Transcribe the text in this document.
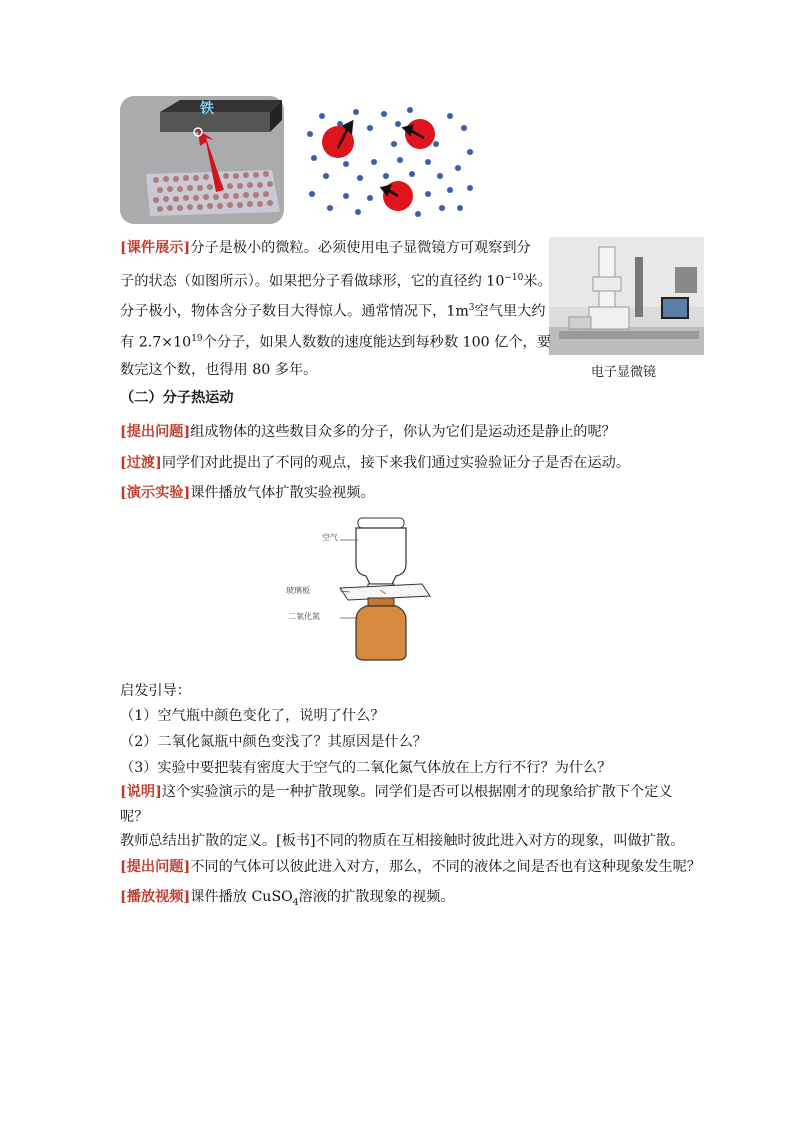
铁
电子显微镜
[课件展示]分子是极小的微粒。必须使用电子显微镜方可观察到分
子的状态（如图所示）。如果把分子看做球形，它的直径约 $10^{-10}$米。
分子极小，物体含分子数目大得惊人。通常情况下，$1m^3$空气里大约
有 $2.7\times 10^{19}$个分子，如果人数数的速度能达到每秒数 100 亿个，要
数完这个数，也得用 80 多年。
（二）分子热运动
[提出问题]组成物体的这些数目众多的分子，你认为它们是运动还是静止的呢？
[过渡]同学们对此提出了不同的观点，接下来我们通过实验验证分子是否在运动。
[演示实验]课件播放气体扩散实验视频。
空气
玻璃板
二氧化氮
启发引导：
（1）空气瓶中颜色变化了，说明了什么？
（2）二氧化氮瓶中颜色变浅了？其原因是什么？
（3）实验中要把装有密度大于空气的二氧化氮气体放在上方行不行？为什么？
[说明]这个实验演示的是一种扩散现象。同学们是否可以根据刚才的现象给扩散下个定义
呢？
教师总结出扩散的定义。[板书]不同的物质在互相接触时彼此进入对方的现象，叫做扩散。
[提出问题]不同的气体可以彼此进入对方，那么，不同的液体之间是否也有这种现象发生呢？
[播放视频]课件播放 CuSO$_4$溶液的扩散现象的视频。
